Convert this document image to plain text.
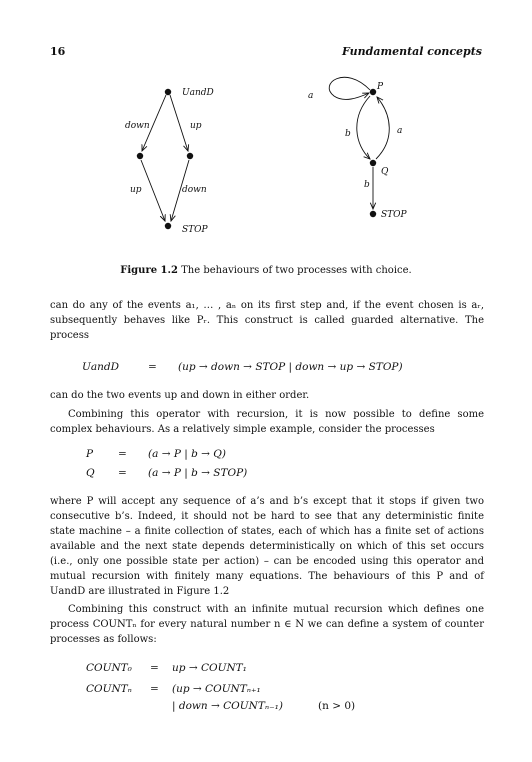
16	Fundamental concepts
UandD
down	up
up	down
STOP
a
P
b	a
Q
b
STOP
Figure 1.2 The behaviours of two processes with choice.
can do any of the events a₁, … , aₙ on its first step and, if the event chosen is aᵣ, subsequently behaves like Pᵣ. This construct is called guarded alternative. The process
UandD	= (up → down → STOP | down → up → STOP)
can do the two events up and down in either order.
Combining this operator with recursion, it is now possible to define some complex behaviours. As a relatively simple example, consider the processes
P = (a → P | b → Q)
Q = (a → P | b → STOP)
where P will accept any sequence of a’s and b’s except that it stops if given two consecutive b’s. Indeed, it should not be hard to see that any deterministic finite state machine – a finite collection of states, each of which has a finite set of actions available and the next state depends deterministically on which of this set occurs (i.e., only one possible state per action) – can be encoded using this operator and mutual recursion with finitely many equations. The behaviours of this P and of UandD are illustrated in Figure 1.2
Combining this construct with an infinite mutual recursion which defines one process COUNTₙ for every natural number n ∈ N we can define a system of counter processes as follows:
COUNT₀ = up → COUNT₁
COUNTₙ = (up → COUNTₙ₊₁
| down → COUNTₙ₋₁)	(n > 0)
